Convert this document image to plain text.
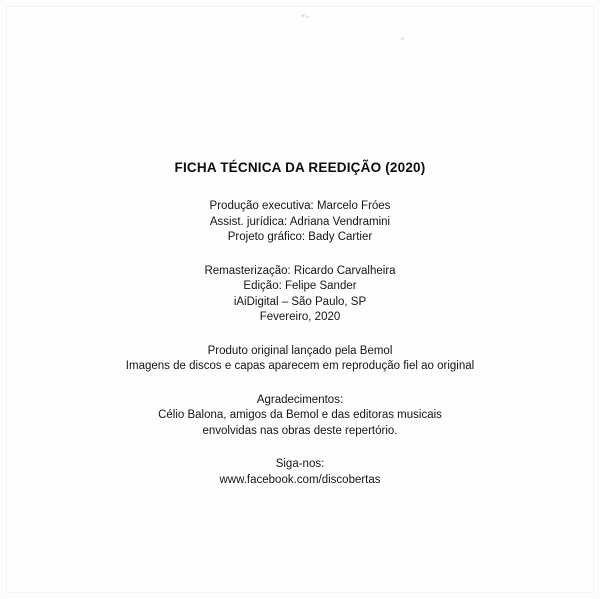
FICHA TÉCNICA DA REEDIÇÃO (2020)
Produção executiva: Marcelo Fróes
Assist. jurídica: Adriana Vendramini
Projeto gráfico: Bady Cartier
Remasterização: Ricardo Carvalheira
Edição: Felipe Sander
iAiDigital – São Paulo, SP
Fevereiro, 2020
Produto original lançado pela Bemol
Imagens de discos e capas aparecem em reprodução fiel ao original
Agradecimentos:
Célio Balona, amigos da Bemol e das editoras musicais
envolvidas nas obras deste repertório.
Siga-nos:
www.facebook.com/discobertas
